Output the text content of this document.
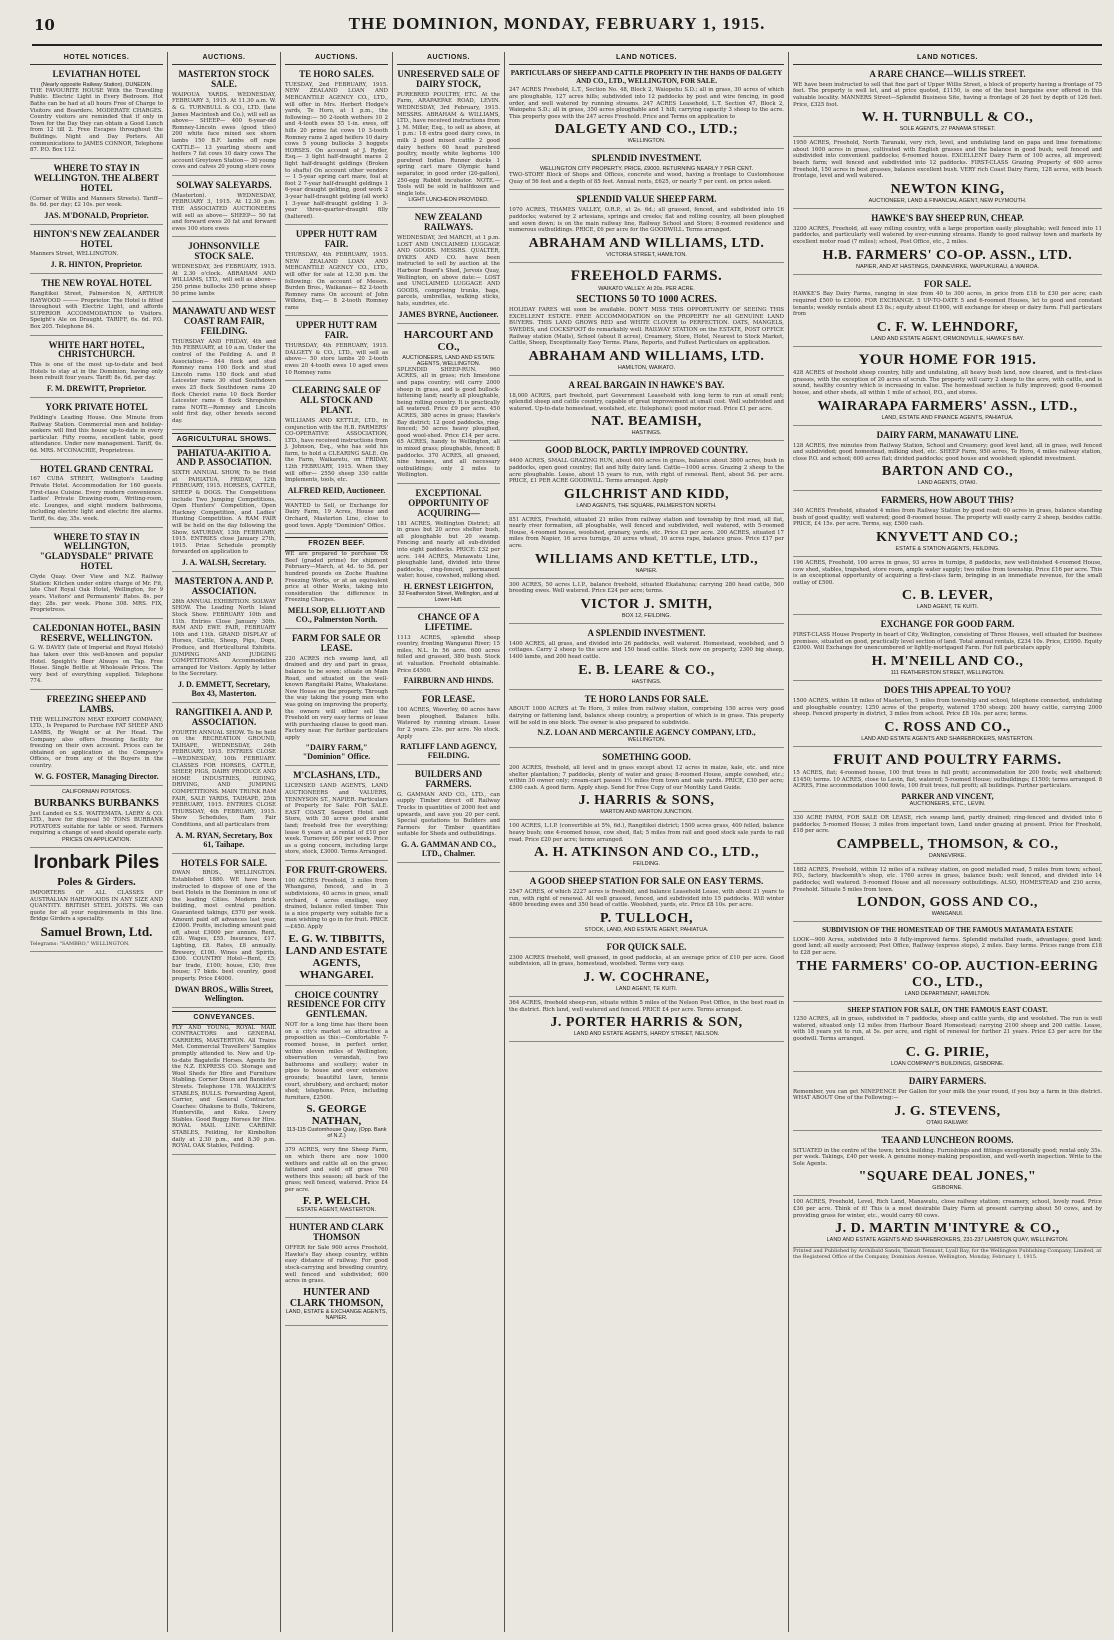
10	THE DOMINION, MONDAY, FEBRUARY 1, 1915.
HOTEL NOTICES.
LEVIATHAN HOTEL
(Nearly opposite Railway Station), DUNEDIN.
THE FAVOURITE HOUSE With the Travelling Public. Electric Light in Every Bedroom. Hot Baths can be had at all hours Free of Charge to Visitors and Boarders. MODERATE CHARGES. Country visitors are reminded that if only in Town for the Day they can obtain a Good Lunch from 12 till 2. Free Escapes throughout the Buildings. Night and Day Porters. All communications to JAMES CONNOR, Telephone 87. P.O. Box 112.
WHERE TO STAY IN WELLINGTON. THE ALBERT HOTEL
(Corner of Willis and Manners Streets). Tariff—8s. 6d. per day; £2 10s. per week.
JAS. M'DONALD, Proprietor.
HINTON'S NEW ZEALANDER HOTEL
Manners Street, WELLINGTON.
J. R. HINTON, Proprietor.
THE NEW ROYAL HOTEL
Rangitikei Street, Palmerston N, ARTHUR HAYWOOD ——— Proprietor. The Hotel is fitted throughout with Electric Light, and affords SUPERIOR ACCOMMODATION to Visitors. Speight's Ale on Draught. TARIFF, 6s. 6d. P.O. Box 205. Telephone 84.
WHITE HART HOTEL, CHRISTCHURCH.
This is one of the most up-to-date and best Hotels to stay at in the Dominion, having only been rebuilt four years. Tariff: 8s. 6d. per day.
F. M. DREWITT, Proprietor.
YORK PRIVATE HOTEL
Feilding's Leading House. One Minute from Railway Station. Commercial men and holiday-seekers will find this house up-to-date in every particular. Fifty rooms, excellent table, good attendance. Under new management. Tariff, 6s. 6d. MRS. M'CONACHIE, Proprietress.
HOTEL GRAND CENTRAL
167 CUBA STREET, Wellington's Leading Private Hotel. Accommodation for 160 guests. First-class Cuisine. Every modern convenience. Ladies' Private Drawing-room, Writing-room, etc. Lounges, and eight modern bathrooms, including electric light and electric fire alarms. Tariff, 6s. day, 35s. week.
WHERE TO STAY IN WELLINGTON, "GLADYSDALE" PRIVATE HOTEL
Clyde Quay. Over View and N.Z. Railway Station: Kitchen under entire charge of Mr. Fit, late Chef Royal Oak Hotel, Wellington, for 9 years. Visitors' and Permanents' Rates. 8s. per day; 28s. per week. Phone 308. MRS. FIX, Proprietress.
CALEDONIAN HOTEL, BASIN RESERVE, WELLINGTON.
G. W. DAVEY (late of Imperial and Royal Hotels) has taken over this well-known and popular Hotel. Speight's Beer Always on Tap. Free House. Single Bottle at Wholesale Prices. The very best of everything supplied. Telephone 774.
FREEZING SHEEP AND LAMBS.
THE WELLINGTON MEAT EXPORT COMPANY, LTD., Is Prepared to Purchase FAT SHEEP AND LAMBS, By Weight or at Per Head. The Company also offers freezing facility for freezing on their own account. Prices can be obtained on application at the Company's Offices, or from any of the Buyers in the country.
W. G. FOSTER, Managing Director.
CALIFORNIAN POTATOES.
BURBANKS BURBANKS
Just Landed ex S.S. WAITEMATA. LAERY & CO. LTD., have for disposal 50 TONS BURBANK POTATOES suitable for table or seed. Farmers requiring a change of seed should operate early.
PRICES ON APPLICATION.
Ironbark Piles
Poles & Girders.
IMPORTERS OF ALL CLASSES OF AUSTRALIAN HARDWOODS IN ANY SIZE AND QUANTITY. BRITISH STEEL JOISTS. We can quote for all your requirements in this line. Bridge Girders a speciality.
Samuel Brown, Ltd.
Telegrams: "SAMBRO," WELLINGTON.
AUCTIONS.
MASTERTON STOCK SALE.
WAIPOUA YARDS. WEDNESDAY, FEBRUARY 3, 1915. At 11.30 a.m. W. & G. TURNBULL & CO., LTD. (late James Macintosh and Co.), will sell as above— SHEEP— 400 6-year-old Romney-Lincoln ewes (good tiles) 200 white face mixed sex shorn lambs 150 B.F. lambs off rape CATTLE— 13 yearling steers and heifers 7 fat cows 10 dairy cows The account Greytown Station— 30 young cows and calves 20 young store cows
SOLWAY SALEYARDS.
(Masterton). WEDNESDAY, FEBRUARY 3, 1915. At 12.30 p.m. THE ASSOCIATED AUCTIONEERS will sell as above— SHEEP— 50 fat and forward ewes 20 fat and forward ewes 100 store ewes
JOHNSONVILLE STOCK SALE.
WEDNESDAY, 3rd FEBRUARY, 1915. At 2.30 o'clock. ABRAHAM AND WILLIAMS, LTD., will sell as above— 250 prime bullocks 250 prime sheep 50 prime lambs
MANAWATU AND WEST COAST RAM FAIR, FEILDING.
THURSDAY AND FRIDAY, 4th and 5th FEBRUARY, at 10 a.m. Under the control of the Feilding A. and P. Association— 844 flock and stud Romney rams 100 flock and stud Lincoln rams 150 flock and stud Leicester rams 30 stud Southdown ewes 25 flock Southdown rams 20 flock Cheviot rams 10 flock Border Leicester rams 6 flock Shropshire rams NOTE—Romney and Lincoln sold first day, other breeds second day.
AGRICULTURAL SHOWS.
PAHIATUA-AKITIO A. AND P. ASSOCIATION.
SIXTH ANNUAL SHOW, To be Held at PAHIATUA, FRIDAY, 12th FEBRUARY, 1915. HORSES, CATTLE, SHEEP & DOGS. The Competitions include Two Jumping Competitions, Open Hunters' Competition, Open Hackney Competition, and Ladies' Hunting Competition. A RAM FAIR will be held on the day following the Show, SATURDAY, 13th FEBRUARY, 1915. ENTRIES close January 27th, 1915. Prize Schedule promptly forwarded on application to
J. A. WALSH, Secretary.
MASTERTON A. AND P. ASSOCIATION.
28th ANNUAL EXHIBITION. SOLWAY SHOW. The Leading North Island Stock Show. FEBRUARY 10th and 11th. Entries Close January 30th. RAM AND EWE FAIR, FEBRUARY 10th and 11th. GRAND DISPLAY of Horses, Cattle, Sheep, Pigs, Dogs, Produce, and Horticultural Exhibits. JUMPING AND JUDGING COMPETITIONS. Accommodation arranged for Visitors. Apply by letter to the Secretary.
J. D. EMMETT, Secretary, Box 43, Masterton.
RANGITIKEI A. AND P. ASSOCIATION.
FOURTH ANNUAL SHOW. To be held on the RECREATION GROUND, TAIHAPE, WEDNESDAY, 24th FEBRUARY, 1915. ENTRIES CLOSE—WEDNESDAY, 10th FEBRUARY. CLASSES FOR HORSES, CATTLE, SHEEP, PIGS, DAIRY PRODUCE AND HOME INDUSTRIES, RIDING, DRIVING, AND JUMPING COMPETITIONS. MAIN TRUNK RAM FAIR, SALE YARDS, TAIHAPE, 25th FEBRUARY, 1915. ENTRIES CLOSE THURSDAY, 4th FEBRUARY, 1915. Show Schedules, Ram Fair Conditions, and all particulars from
A. M. RYAN, Secretary, Box 61, Taihape.
HOTELS FOR SALE.
DWAN BROS., WELLINGTON. Established 1880. WE have been instructed to dispose of one of the best Hotels in the Dominion in one of the leading Cities. Modern brick building, most central position. Guaranteed takings, £570 per week. Amount paid off advances last year, £2000. Profits, including amount paid off, about £3000 per annum. Rent, £20. Wages, £55. Insurance, £17. Lighting, £8. Rates, £8 annually. Brewery, £100. Wines and Spirits, £300. COUNTRY Hotel—Rent, £5; bar trade, £100; house, £30; free house; 17 bkds. best country, good property. Price £4000.
DWAN BROS., Willis Street, Wellington.
CONVEYANCES.
FLY AND YOUNG, ROYAL MAIL CONTRACTORS and GENERAL CARRIERS, MASTERTON. All Trains Met. Commercial Travellers' Samples promptly attended to. New and Up-to-date Bagatelle Horses. Agents for the N.Z. EXPRESS CO. Storage and Wool Sheds for Hire and Furniture Stabling. Corner Dixon and Bannister Streets. Telephone 178. WALKER'S STABLES, BULLS. Forwarding Agent, Carrier, and General Contractor. Coaches: Ohakune to Bulls, Tokirere, Hunterville, and Kuku. Livery Stables. Good Buggy Horses for Hire. ROYAL MAIL LINE CARBINE STABLES, Feilding, for Kimbolton daily at 2.30 p.m., and 8.30 p.m. ROYAL OAK Stables, Feilding.
AUCTIONS.
TE HORO SALES.
TUESDAY, 2nd FEBRUARY, 1915. NEW ZEALAND LOAN AND MERCANTILE AGENCY CO., LTD., will offer in Mrs. Herbert Hodge's yards, Te Horo, at 1 p.m., the following:— 50 2-tooth wethers 10 2 and 4-tooth ewes 55 1-in. ewes, off hills 20 prime fat cows 10 3-tooth Romney rams 2 aged heifers 10 dairy cows 5 young bullocks 3 hoggets HORSES. On account of J. Ryder, Esq.— 3 light half-draught mares 2 light half-draught geldings (Broken to shafts) On account other vendors— 1 5-year spring cart mare, foal at foot 2 7-year half-draught geldings 1 6-year draught gelding, good work 2 3-year half-draught gelding (all work) 1 3-year half-draught gelding 1 3-year three-quarter-draught filly (haltered).
UPPER HUTT RAM FAIR.
THURSDAY, 4th FEBRUARY, 1915. NEW ZEALAND LOAN AND MERCANTILE AGENCY CO., LTD., will offer for sale at 12.30 p.m. the following: On account of Messrs. Burden Bros., Waikanae— 82 2-tooth Romney rams On account of John Wilkins, Esq.— 8 2-tooth Romney rams
UPPER HUTT RAM FAIR.
THURSDAY, 4th FEBRUARY, 1915. DALGETY & CO., LTD., will sell as above— 50 store lambs 20 2-tooth ewes 20 4-tooth ewes 10 aged ewes 10 Romney rams
CLEARING SALE OF ALL STOCK AND PLANT.
WILLIAMS AND KETTLE, LTD., in conjunction with the H.B. FARMERS' CO-OPERATIVE ASSOCIATION, LTD., have received instructions from J. Johnson, Esq., who has sold his farm, to hold a CLEARING SALE. On the Farm, Waikaretu, on FRIDAY, 12th FEBRUARY, 1915. When they will offer— 2550 sheep 330 cattle Implements, tools, etc.
ALFRED REID, Auctioneer.
WANTED to Sell, or Exchange for Dairy Farm, 19 Acres, House and Orchard, Masterton Line, close to good town. Apply "Dominion" Office.
FROZEN BEEF.
WE are prepared to purchase Ox Beef (graded prime) for shipment February—March, at 4d. to 5d. per hundred pounds on Zoche Ruahine Freezing Works, or at an equivalent price at other Works, taking into consideration the difference in Freezing Charges.
MELLSOP, ELLIOTT AND CO., Palmerston North.
FARM FOR SALE OR LEASE.
220 ACRES rich swamp land, all drained and dry and part in grass, balance to be sown; situate on Main Road, and situated on the well-known Rangitaiki Plains, Whakatane. New House on the property. Through the way taking the young men who was going on improving the property, the owners will either sell the Freehold on very easy terms or lease with purchasing clause to good man. Factory near. For further particulars apply
"DAIRY FARM," "Dominion" Office.
M'CLASHANS, LTD.,
LICENSED LAND AGENTS, LAND AUCTIONEERS and VALUERS, TENNYSON ST., NAPIER. Particulars of Property for Sale: FOR SALE. EAST COAST, Seaport Hotel and Store, with 30 acres good arable land; freehold free for everything; lease 6 years at a rental of £10 per week. Turnover, £60 per week. Price as a going concern, including large store, stock, £3000. Terms Arranged.
FOR FRUIT-GROWERS.
100 ACRES Freehold, 3 miles from Whangarei, fenced, and in 3 subdivisions, 40 acres in grass, small orchard, 4 acres ensilage, easy drained, balance rolled timber. This is a nice property very suitable for a man wishing to go in for fruit. PRICE—£450. Apply
E. G. W. TIBBITTS, LAND AND ESTATE AGENTS, WHANGAREI.
CHOICE COUNTRY RESIDENCE FOR CITY GENTLEMAN.
NOT for a long time has there been on a city's market so attractive a proposition as this:—Comfortable 7-roomed house, in perfect order, within eleven miles of Wellington; observation verandah, two bathrooms and scullery; water in pipes to house and over extensive grounds; beautiful lawn, tennis court, shrubbery, and orchard; motor shed; telephone. Price, including furniture, £2500.
S. GEORGE NATHAN,
113-115 Customhouse Quay, (Opp. Bank of N.Z.)
379 ACRES, very fine Sheep Farm, on which there are now 1000 wethers and cattle all on the grass; fattened and sold off grass 760 wethers this season; all back of the grass; well fenced, watered. Price £4 per acre.
F. P. WELCH.
ESTATE AGENT, MASTERTON.
HUNTER AND CLARK THOMSON
OFFER for Sale 900 acres Freehold, Hawke's Bay sheep country, within easy distance of railway. For good stock-carrying and breeding country, well fenced and subdivided; 600 acres in grass.
HUNTER AND CLARK THOMSON,
LAND, ESTATE & EXCHANGE AGENTS, NAPIER.
AUCTIONS.
UNRESERVED SALE OF DAIRY STOCK,
PUREBRED POULTRY, ETC. At the Farm, ARAPAEPAE ROAD, LEVIN. WEDNESDAY, 3rd February, 1915. MESSRS. ABRAHAM & WILLIAMS, LTD., have received instructions from J. M. Miller, Esq., to sell as above, at 1 p.m.: 18 extra good dairy cows, in milk 2 good mixed cattle 2 good dairy heifers 60 head purebred poultry, mostly white leghorns 100 purebred Indian Runner ducks 1 spring cart mare Olympic hand separator, in good order (20-gallon), 250-egg Rabbit incubator. NOTE.—Tools will be sold in halfdozen and single lots.
LIGHT LUNCHEON PROVIDED.
NEW ZEALAND RAILWAYS.
WEDNESDAY, 3rd MARCH, at 1 p.m. LOST AND UNCLAIMED LUGGAGE AND GOODS. MESSRS. QUALTER, DYKES AND CO. have been instructed to sell by auction at the Harbour Board's Shed, Jervois Quay, Wellington, on above date:— LOST and UNCLAIMED LUGGAGE AND GOODS, comprising trunks, bags, parcels, umbrellas, walking sticks, hats, sundries, etc.
JAMES BYRNE, Auctioneer.
HARCOURT AND CO.,
AUCTIONEERS, LAND AND ESTATE AGENTS, WELLINGTON.
SPLENDID SHEEP-RUN. 960 ACRES, all in grass; rich limestone and papa country; will carry 2000 sheep in grass, and is good bullock-fattening land; nearly all ploughable, being rolling country. It is practically all watered. Price £9 per acre. 450 ACRES, 380 acres in grass; Hawke's Bay district; 12 good paddocks, ring-fenced; 50 acres heavy ploughed, good wool-shed. Price £14 per acre. 65 ACRES, handy to Wellington, all in mixed grass; ploughable, fenced; 8 paddocks. 370 ACRES, all grassed, nine houses, and all necessary outbuildings; only 2 miles to Wellington.
EXCEPTIONAL OPPORTUNITY OF ACQUIRING—
181 ACRES, Wellington District; all in grass but 20 acres shelter bush, all ploughable but 20 swamp. Fencing and nearly all sub-divided into eight paddocks. PRICE: £32 per acre. 144 ACRES, Manawatu Line, ploughable land, divided into three paddocks, ring-fenced, permanent water; house, cowshed, milking shed.
H. ERNEST LEIGHTON,
32 Featherston Street, Wellington, and at Lower Hutt.
CHANCE OF A LIFETIME.
1113 ACRES, splendid sheep country, fronting Wanganui River; 15 miles, N.L. In 56 acre. 600 acres felled and grassed, 380 bush. Stock at valuation. Freehold obtainable. Price £4500.
FAIRBURN AND HINDS.
FOR LEASE.
100 ACRES, Waverley, 60 acres have been ploughed. Balance hills. Watered by running stream. Lease for 2 years. 23s. per acre. No stock. Apply
RATLIFF LAND AGENCY, FEILDING.
BUILDERS AND FARMERS.
G. GAMMAN AND CO., LTD., can supply Timber direct off Railway Trucks in quantities of 2000 feet and upwards, and save you 20 per cent. Special quotations to Builders and Farmers for Timber quantities suitable for Sheds and outbuildings.
G. A. GAMMAN AND CO., LTD., Chalmer.
LAND NOTICES.
PARTICULARS OF SHEEP AND CATTLE PROPERTY IN THE HANDS OF DALGETY AND CO., LTD., WELLINGTON, FOR SALE.
247 ACRES Freehold, L.T., Section No. 48, Block 2, Waiopehu S.D.; all in grass, 30 acres of which are ploughable, 127 acres hills; subdivided into 12 paddocks by post and wire fencing, in good order, and well watered by running streams. 247 ACRES Leasehold, L.T. Section 47, Block 2, Waiopehu S.D.; all in grass, 350 acres ploughable and 1 hill; carrying capacity 3 sheep to the acre. This property goes with the 247 acres Freehold. Price and Terms on application to
DALGETY AND CO., LTD.;
WELLINGTON.
SPLENDID INVESTMENT.
WELLINGTON CITY PROPERTY. PRICE, £9000. RETURNING NEARLY 7 PER CENT.
TWO-STORY Block of Shops and Offices, concrete and wood, having a frontage to Customhouse Quay of 56 feet and a depth of 85 feet. Annual rents, £625, or nearly 7 per cent. on price asked.
SPLENDID VALUE SHEEP FARM.
1070 ACRES, THAMES VALLEY, O.R.P., at 2s. 6d.; all grassed, fenced, and subdivided into 16 paddocks; watered by 2 artesians, springs and creeks; flat and rolling country, all been ploughed and sown down; is on the main railway line, Railway School and Store; 8-roomed residence and numerous outbuildings. PRICE, £6 per acre for the GOODWILL. Terms arranged.
ABRAHAM AND WILLIAMS, LTD.
VICTORIA STREET, HAMILTON.
FREEHOLD FARMS.
WAIKATO VALLEY. At 20s. PER ACRE.
SECTIONS 50 TO 1000 ACRES.
HOLIDAY FARES will soon be available. DON'T MISS THIS OPPORTUNITY OF SEEING THIS EXCELLENT ESTATE. FREE ACCOMMODATION on the PROPERTY for all GENUINE LAND BUYERS. THIS LAND GROWS RED and WHITE CLOVER to PERFECTION. OATS, MANGELS, SWEDES, and COCKSFOOT do remarkably well. RAILWAY STATION on the ESTATE, POST OFFICE Railway station (Mails), School (about 8 acres), Creamery, Store, Hotel, Nearest to Stock Market, Cattle, Sheep, Exceptionally Easy Terms. Plans, Reports, and Fullest Particulars on application.
ABRAHAM AND WILLIAMS, LTD.
HAMILTON, WAIKATO.
A REAL BARGAIN IN HAWKE'S BAY.
18,000 ACRES, part freehold, part Government Leasehold with long term to run at small rent; splendid sheep and cattle country, capable of great improvement at small cost. Well subdivided and watered. Up-to-date homestead, woolshed, etc. (telephone); good motor road. Price £1 per acre.
NAT. BEAMISH,
HASTINGS.
GOOD BLOCK, PARTLY IMPROVED COUNTRY.
4400 ACRES, SMALL GRAZING RUN, about 600 acres in grass, balance about 3800 acres, bush in paddocks, open good country; flat and hilly dairy land. Cattle—1000 acres. Grazing 2 sheep to the acre ploughable. Lease, about 15 years to run, with right of renewal. Rent, about 5d. per acre. PRICE, £1 PER ACRE GOODWILL. Terms arranged. Apply
GILCHRIST AND KIDD,
LAND AGENTS, THE SQUARE, PALMERSTON NORTH.
851 ACRES, Freehold, situated 21 miles from railway station and township by first road, all flat, nearly river formation, all ploughable, well fenced and subdivided, well watered, with 5-roomed House, 4-roomed house, woolshed, granary, yards, etc. Price £3 per acre. 200 ACRES, situated 17 miles from Napier, 16 acres turnips, 20 acres wheat, 10 acres rape, balance grass. Price £17 per acre.
WILLIAMS AND KETTLE, LTD.,
NAPIER.
300 ACRES, 50 acres L.I.P., balance freehold, situated Ekatahuna; carrying 280 head cattle, 500 breeding ewes. Well watered. Price £24 per acre; terms.
VICTOR J. SMITH,
BOX 12, FEILDING.
A SPLENDID INVESTMENT.
1400 ACRES, all grass, and divided into 26 paddocks, well watered. Homestead, woolshed, and 5 cottages. Carry 2 sheep to the acre and 150 head cattle. Stock now on property, 2300 big sheep, 1400 lambs, and 200 head cattle.
E. B. LEARE & CO.,
HASTINGS.
TE HORO LANDS FOR SALE.
ABOUT 1000 ACRES at Te Horo, 3 miles from railway station, comprising 150 acres very good dairying or fattening land, balance sheep country, a proportion of which is in grass. This property will be sold in one block. The owner is also prepared to subdivide.
N.Z. LOAN AND MERCANTILE AGENCY COMPANY, LTD.,
WELLINGTON.
SOMETHING GOOD.
200 ACRES, freehold, all level and in grass except about 12 acres in maize, kale, etc. and nice shelter plantation; 7 paddocks, plenty of water and grass; 8-roomed House, ample cowshed, etc.; within 30 owner only; cream-cart passes 1½ miles from town and sale yards. PRICE, £30 per acre; £300 cash. A good farm. Apply shop. Send for Free Copy of our Monthly Land Guide.
J. HARRIS & SONS,
MARTON AND MARTON JUNCTION.
100 ACRES, L.I.P. (convertible at 5%, 6d.), Rangitikei district; 1500 acres grass, 400 felled, balance heavy bush; one 4-roomed house, cow shed, flat; 5 miles from rail and good stock sale yards to rail road. Price £20 per acre; terms arranged.
A. H. ATKINSON AND CO., LTD.,
FEILDING.
A GOOD SHEEP STATION FOR SALE ON EASY TERMS.
2547 ACRES, of which 2227 acres is freehold, and balance Leasehold Lease, with about 21 years to run, with right of renewal. All well grassed, fenced, and subdivided into 15 paddocks. Will winter 4800 breeding ewes and 350 head of cattle. Woolshed, yards, etc. Price £8 10s. per acre.
P. TULLOCH,
STOCK, LAND, AND ESTATE AGENT, PAHIATUA.
FOR QUICK SALE.
2300 ACRES freehold, well grassed, in good paddocks, at an average price of £10 per acre. Good subdivision, all in grass, homestead, woolshed. Terms very easy.
J. W. COCHRANE,
LAND AGENT, TE KUITI.
364 ACRES, freehold sheep-run, situate within 5 miles of the Nelson Post Office, in the best road in the district. Rich land, well watered and fenced. PRICE £4 per acre. Terms arranged.
J. PORTER HARRIS & SON,
LAND AND ESTATE AGENTS, HARDY STREET, NELSON.
LAND NOTICES.
A RARE CHANCE—WILLIS STREET.
WE have been instructed to sell that fine part of Upper Willis Street, a block of property having a frontage of 75 feet. The property is well let, and at price quoted, £1150, is one of the best bargains ever offered in this valuable locality. MANNERS Street—Splendid Business Site, having a frontage of 26 feet by depth of 126 feet. Price, £325 foot.
W. H. TURNBULL & CO.,
SOLE AGENTS, 27 PANAMA STREET.
1950 ACRES, Freehold, North Taranaki, very rich, level, and undulating land on papa and lime formations; about 1600 acres in grass, cultivated with English grasses and the balance in good bush; well fenced and subdivided into convenient paddocks; 6-roomed house. EXCELLENT Dairy Farm of 100 acres, all improved; beach farm; well fenced and subdivided into 12 paddocks. FIRST-CLASS Grazing Property of 600 acres Freehold, 150 acres in best grasses, balance excellent bush. VERY rich Coast Dairy Farm, 128 acres, with beach frontage, level and well watered.
NEWTON KING,
AUCTIONEER, LAND & FINANCIAL AGENT, NEW PLYMOUTH.
HAWKE'S BAY SHEEP RUN, CHEAP.
3200 ACRES, Freehold, all easy rolling country, with a large proportion easily ploughable; well fenced into 11 paddocks, and particularly well watered by ever-running streams. Handy to good railway town and markets by excellent motor road (7 miles); school, Post Office, etc., 2 miles.
H.B. FARMERS' CO-OP. ASSN., LTD.
NAPIER, AND AT HASTINGS, DANNEVIRKE, WAIPUKURAU, & WAIROA.
FOR SALE.
HAWKE'S Bay Dairy Farms, ranging in size from 40 to 300 acres, in price from £18 to £30 per acre; cash required £500 to £3000. FOR EXCHANGE. 5 UP-TO-DATE 5 and 6-roomed Houses, let to good and constant tenants; weekly rentals about £3 8s.; equity about £1900, will exchange for sheep or dairy farm. Full particulars from
C. F. W. LEHNDORF,
LAND AND ESTATE AGENT, ORMONDVILLE, HAWKE'S BAY.
YOUR HOME FOR 1915.
428 ACRES of freehold sheep country, hilly and undulating, all heavy bush land, now cleared, and is first-class grasses, with the exception of 20 acres of scrub. The property will carry 2 sheep to the acre, with cattle, and is sound, healthy country which is increasing in value. The homestead section is fully improved; good 6-roomed house, and other sheds, all within 1 mile of school, P.O., and stores.
WAIRARAPA FARMERS' ASSN., LTD.,
LAND, ESTATE AND FINANCE AGENTS, PAHIATUA.
DAIRY FARM, MANAWATU LINE.
128 ACRES, five minutes from Railway Station, School and Creamery; good level land, all in grass, well fenced and subdivided; good homestead, milking shed, etc. SHEEP Farm, 950 acres, Te Horo, 4 miles railway station, close P.O. and school; 600 acres flat; divided paddocks; good house and woolshed; splendid investment.
BARTON AND CO.,
LAND AGENTS, OTAKI.
FARMERS, HOW ABOUT THIS?
340 ACRES Freehold, situated 4 miles from Railway Station by good road; 60 acres in grass, balance standing bush of good quality; well watered; good 8-roomed house. The property will easily carry 2 sheep, besides cattle. PRICE, £4 15s. per acre. Terms, say, £500 cash.
KNYVETT AND CO.;
ESTATE & STATION AGENTS, FEILDING.
196 ACRES, Freehold, 100 acres in grass, 93 acres in turnips, 8 paddocks, new well-finished 4-roomed House, cow shed, stables, trapshed, store room, ample water supply; two miles from township. Price £16 per acre. This is an exceptional opportunity of acquiring a first-class farm, bringing in an immediate revenue, for the small outlay of £500.
C. B. LEVER,
LAND AGENT, TE KUITI.
EXCHANGE FOR GOOD FARM.
FIRST-CLASS House Property in heart of City, Wellington, consisting of Three Houses, well situated for business premises, situated on good, practically level section of land. Total annual rentals, £234 10s. Price, £3950. Equity £2000. Will Exchange for unencumbered or lightly-mortgaged Farm. For full particulars apply
H. M'NEILL AND CO.,
111 FEATHERSTON STREET, WELLINGTON.
DOES THIS APPEAL TO YOU?
1500 ACRES, within 18 miles of Masterton, 5 miles from township and school, telephone connected, undulating and ploughable country; 1250 acres of the property, watered 1750 sheep; 200 heavy cattle, carrying 2000 sheep. Fenced property in district, 3 miles from school. Price £8 10s. per acre; terms.
C. ROSS AND CO.,
LAND AND ESTATE AGENTS AND SHAREBROKERS, MASTERTON.
FRUIT AND POULTRY FARMS.
15 ACRES, flat; 4-roomed house, 100 fruit trees in full profit; accommodation for 200 fowls; well sheltered; £1450; terms. 10 ACRES, close to Levin, flat, watered; 5-roomed House; outbuildings; £1500; terms arranged. 8 ACRES, Fine accommodation 1000 fowls, 100 fruit trees, full profit; all buildings. Further particulars.
PARKER AND VINCENT,
AUCTIONEERS, ETC., LEVIN.
330 ACRE FARM, FOR SALE OR LEASE, rich swamp land, partly drained; ring-fenced and divided into 6 paddocks; 5-roomed House; 3 miles from important town, Land under grazing at present. Price for Freehold, £18 per acre.
CAMPBELL, THOMSON, & CO.,
DANNEVIRKE.
1882 ACRES, Freehold, within 12 miles of a railway station, on good metalled road, 5 miles from town; school, P.O., factory, blacksmith's shop, etc. 1760 acres in grass, balance bush; well fenced, and divided into 14 paddocks; well watered. 5-roomed House and all necessary outbuildings. ALSO, HOMESTEAD and 230 acres, Freehold. Situate 5 miles from town.
LONDON, GOSS AND CO.,
WANGANUI.
SUBDIVISION OF THE HOMESTEAD OF THE FAMOUS MATAMATA ESTATE
LOOK—900 Acres, subdivided into 8 fully-improved farms. Splendid metalled roads, advantages; good land; good land; all easily accessed; Post Office, Railway (express stops), 2 miles. Easy terms. Prices range from £18 to £28 per acre.
THE FARMERS' CO-OP. AUCTION-EERING CO., LTD.,
LAND DEPARTMENT, HAMILTON.
SHEEP STATION FOR SALE, ON THE FAMOUS EAST COAST.
1250 ACRES, all in grass, subdivided in 7 paddocks, sheep and cattle yards, dip and woolshed. The run is well watered, situated only 12 miles from Harbour Board Homestead; carrying 2100 sheep and 200 cattle. Lease, with 18 years yet to run, at 5s. per acre, and right of renewal for further 21 years. Price £3 per acre for the goodwill. Terms arranged.
C. G. PIRIE,
LOAN COMPANY'S BUILDINGS, GISBORNE.
DAIRY FARMERS.
Remember, you can get NINEPENCE Per Gallon for your milk the year round, if you buy a farm in this district. WHAT ABOUT One of the Following:—
J. G. STEVENS,
OTAKI RAILWAY.
TEA AND LUNCHEON ROOMS.
SITUATED in the centre of the town; brick building. Furnishings and fittings exceptionally good; rental only 35s. per week. Takings, £40 per week. A genuine money-making proposition, and well-worth inspection. Write to the Sole Agents.
"SQUARE DEAL JONES,"
GISBORNE.
100 ACRES, Freehold, Level, Rich Land, Manawatu, close railway station; creamery, school, lovely road. Price £36 per acre. Think of it! This is a most desirable Dairy Farm at present carrying about 50 cows, and by providing grass for winter, etc., would carry 60 cows.
J. D. MARTIN M'INTYRE & CO.,
LAND AND ESTATE AGENTS AND SHAREBROKERS, 231-237 LAMBTON QUAY, WELLINGTON.
Printed and Published by Archibald Sands, Tamati Tennant, Lyall Bay, for the Wellington Publishing Company, Limited, at the Registered Office of the Company, Dominion Avenue, Wellington, Monday, February 1, 1915.
